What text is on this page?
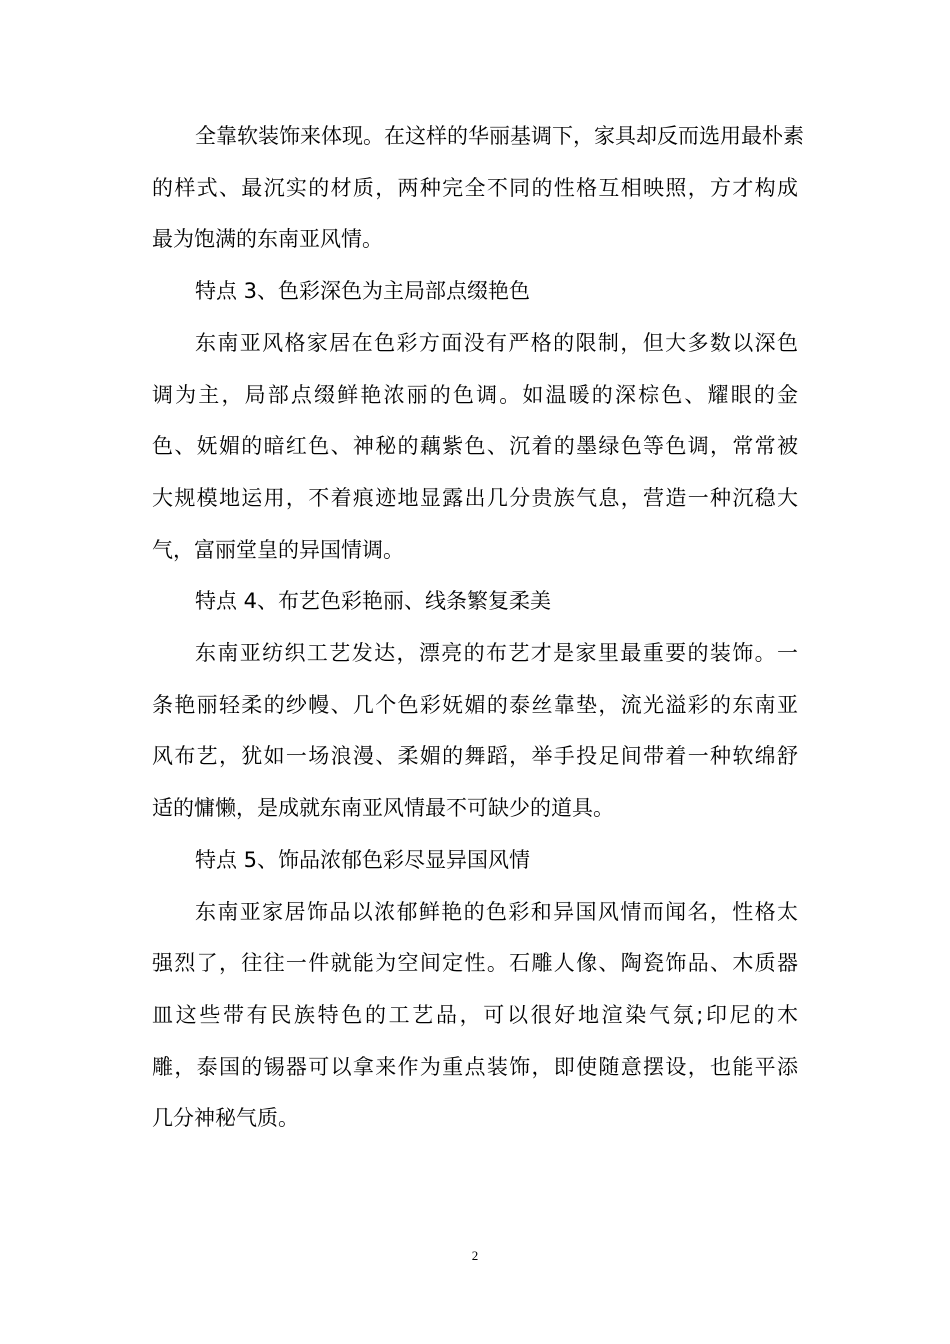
全靠软装饰来体现。在这样的华丽基调下，家具却反而选用最朴素
的样式、最沉实的材质，两种完全不同的性格互相映照，方才构成
最为饱满的东南亚风情。
特点 3、色彩深色为主局部点缀艳色
东南亚风格家居在色彩方面没有严格的限制，但大多数以深色
调为主，局部点缀鲜艳浓丽的色调。如温暖的深棕色、耀眼的金
色、妩媚的暗红色、神秘的藕紫色、沉着的墨绿色等色调，常常被
大规模地运用，不着痕迹地显露出几分贵族气息，营造一种沉稳大
气，富丽堂皇的异国情调。
特点 4、布艺色彩艳丽、线条繁复柔美
东南亚纺织工艺发达，漂亮的布艺才是家里最重要的装饰。一
条艳丽轻柔的纱幔、几个色彩妩媚的泰丝靠垫，流光溢彩的东南亚
风布艺，犹如一场浪漫、柔媚的舞蹈，举手投足间带着一种软绵舒
适的慵懒，是成就东南亚风情最不可缺少的道具。
特点 5、饰品浓郁色彩尽显异国风情
东南亚家居饰品以浓郁鲜艳的色彩和异国风情而闻名，性格太
强烈了，往往一件就能为空间定性。石雕人像、陶瓷饰品、木质器
皿这些带有民族特色的工艺品，可以很好地渲染气氛;印尼的木
雕，泰国的锡器可以拿来作为重点装饰，即使随意摆设，也能平添
几分神秘气质。
2
